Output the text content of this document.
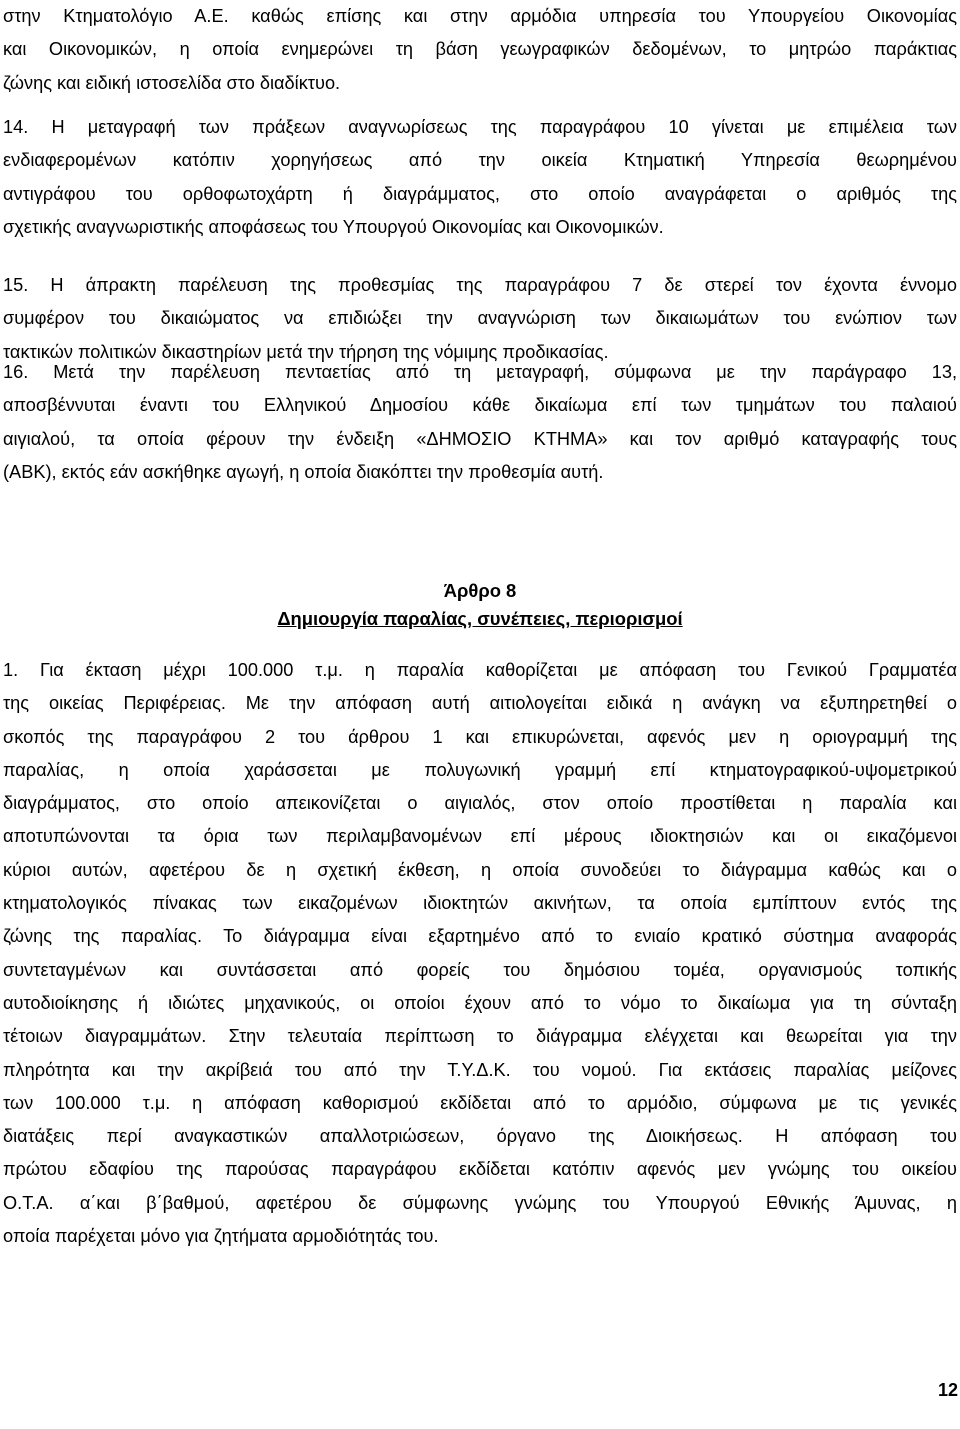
στην Κτηματολόγιο Α.Ε. καθώς επίσης και στην αρμόδια υπηρεσία του Υπουργείου Οικονομίας
και Οικονομικών, η οποία ενημερώνει τη βάση γεωγραφικών δεδομένων, το μητρώο παράκτιας
ζώνης και ειδική ιστοσελίδα στο διαδίκτυο.
14. Η μεταγραφή των πράξεων αναγνωρίσεως της παραγράφου 10 γίνεται με επιμέλεια των
ενδιαφερομένων κατόπιν χορηγήσεως από την οικεία Κτηματική Υπηρεσία θεωρημένου
αντιγράφου του ορθοφωτοχάρτη ή διαγράμματος, στο οποίο αναγράφεται ο αριθμός της
σχετικής αναγνωριστικής αποφάσεως του Υπουργού Οικονομίας και Οικονομικών.
15. Η άπρακτη παρέλευση της προθεσμίας της παραγράφου 7 δε στερεί τον έχοντα έννομο
συμφέρον του δικαιώματος να επιδιώξει την αναγνώριση των δικαιωμάτων του ενώπιον των
τακτικών πολιτικών δικαστηρίων μετά την τήρηση της νόμιμης προδικασίας.
16. Μετά την παρέλευση πενταετίας από τη μεταγραφή, σύμφωνα με την παράγραφο 13,
αποσβέννυται έναντι του Ελληνικού Δημοσίου κάθε δικαίωμα επί των τμημάτων του παλαιού
αιγιαλού, τα οποία φέρουν την ένδειξη «ΔΗΜΟΣΙΟ ΚΤΗΜΑ» και τον αριθμό καταγραφής τους
(ΑΒΚ), εκτός εάν ασκήθηκε αγωγή, η οποία διακόπτει την προθεσμία αυτή.
Άρθρο 8
Δημιουργία παραλίας, συνέπειες, περιορισμοί
1. Για έκταση μέχρι 100.000 τ.μ. η παραλία καθορίζεται με απόφαση του Γενικού Γραμματέα
της οικείας Περιφέρειας. Με την απόφαση αυτή αιτιολογείται ειδικά η ανάγκη να εξυπηρετηθεί ο
σκοπός της παραγράφου 2 του άρθρου 1 και επικυρώνεται, αφενός μεν η οριογραμμή της
παραλίας, η οποία χαράσσεται με πολυγωνική γραμμή επί κτηματογραφικού-υψομετρικού
διαγράμματος, στο οποίο απεικονίζεται ο αιγιαλός, στον οποίο προστίθεται η παραλία και
αποτυπώνονται τα όρια των περιλαμβανομένων επί μέρους ιδιοκτησιών και οι εικαζόμενοι
κύριοι αυτών, αφετέρου δε η σχετική έκθεση, η οποία συνοδεύει το διάγραμμα καθώς και ο
κτηματολογικός πίνακας των εικαζομένων ιδιοκτητών ακινήτων, τα οποία εμπίπτουν εντός της
ζώνης της παραλίας. Το διάγραμμα είναι εξαρτημένο από το ενιαίο κρατικό σύστημα αναφοράς
συντεταγμένων και συντάσσεται από φορείς του δημόσιου τομέα, οργανισμούς τοπικής
αυτοδιοίκησης ή ιδιώτες μηχανικούς, οι οποίοι έχουν από το νόμο το δικαίωμα για τη σύνταξη
τέτοιων διαγραμμάτων. Στην τελευταία περίπτωση το διάγραμμα ελέγχεται και θεωρείται για την
πληρότητα και την ακρίβειά του από την Τ.Υ.Δ.Κ. του νομού. Για εκτάσεις παραλίας μείζονες
των 100.000 τ.μ. η απόφαση καθορισμού εκδίδεται από το αρμόδιο, σύμφωνα με τις γενικές
διατάξεις περί αναγκαστικών απαλλοτριώσεων, όργανο της Διοικήσεως. Η απόφαση του
πρώτου εδαφίου της παρούσας παραγράφου εκδίδεται κατόπιν αφενός μεν γνώμης του οικείου
Ο.Τ.Α. α΄και β΄βαθμού, αφετέρου δε σύμφωνης γνώμης του Υπουργού Εθνικής Άμυνας, η
οποία παρέχεται μόνο για ζητήματα αρμοδιότητάς του.
12
